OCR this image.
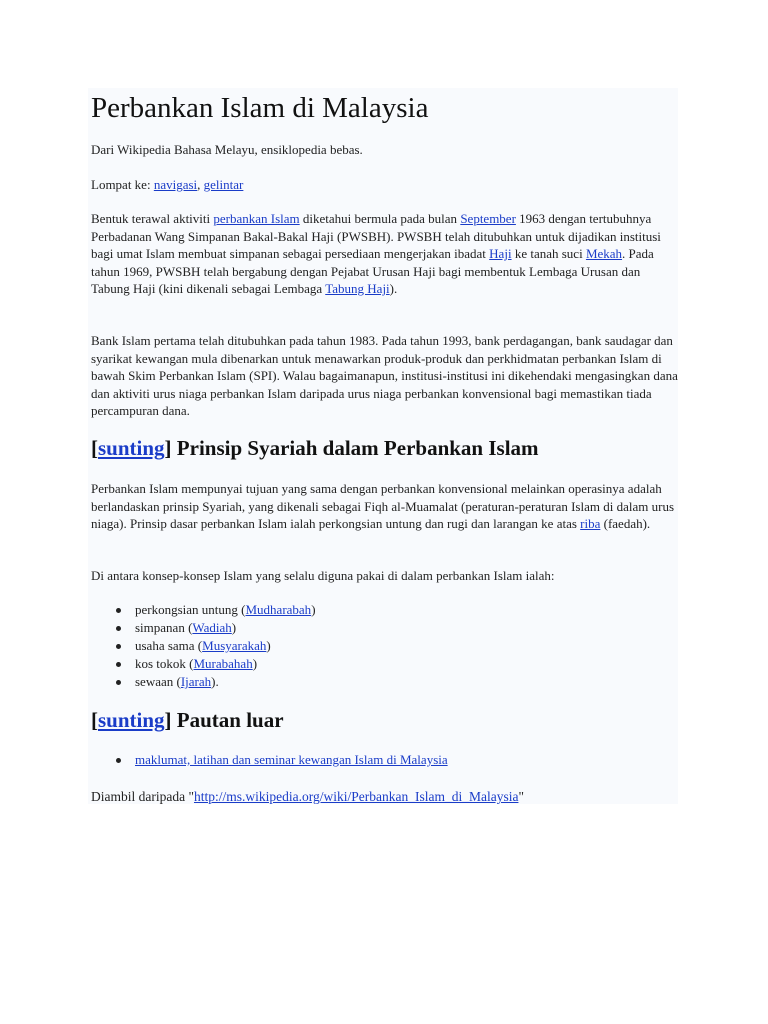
Perbankan Islam di Malaysia
Dari Wikipedia Bahasa Melayu, ensiklopedia bebas.
Lompat ke: navigasi, gelintar
Bentuk terawal aktiviti perbankan Islam diketahui bermula pada bulan September 1963 dengan tertubuhnya Perbadanan Wang Simpanan Bakal-Bakal Haji (PWSBH). PWSBH telah ditubuhkan untuk dijadikan institusi bagi umat Islam membuat simpanan sebagai persediaan mengerjakan ibadat Haji ke tanah suci Mekah. Pada tahun 1969, PWSBH telah bergabung dengan Pejabat Urusan Haji bagi membentuk Lembaga Urusan dan Tabung Haji (kini dikenali sebagai Lembaga Tabung Haji).
Bank Islam pertama telah ditubuhkan pada tahun 1983. Pada tahun 1993, bank perdagangan, bank saudagar dan syarikat kewangan mula dibenarkan untuk menawarkan produk-produk dan perkhidmatan perbankan Islam di bawah Skim Perbankan Islam (SPI). Walau bagaimanapun, institusi-institusi ini dikehendaki mengasingkan dana dan aktiviti urus niaga perbankan Islam daripada urus niaga perbankan konvensional bagi memastikan tiada percampuran dana.
[sunting] Prinsip Syariah dalam Perbankan Islam
Perbankan Islam mempunyai tujuan yang sama dengan perbankan konvensional melainkan operasinya adalah berlandaskan prinsip Syariah, yang dikenali sebagai Fiqh al-Muamalat (peraturan-peraturan Islam di dalam urus niaga). Prinsip dasar perbankan Islam ialah perkongsian untung dan rugi dan larangan ke atas riba (faedah).
Di antara konsep-konsep Islam yang selalu diguna pakai di dalam perbankan Islam ialah:
perkongsian untung (Mudharabah)
simpanan (Wadiah)
usaha sama (Musyarakah)
kos tokok (Murabahah)
sewaan (Ijarah).
[sunting] Pautan luar
maklumat, latihan dan seminar kewangan Islam di Malaysia
Diambil daripada "http://ms.wikipedia.org/wiki/Perbankan_Islam_di_Malaysia"
